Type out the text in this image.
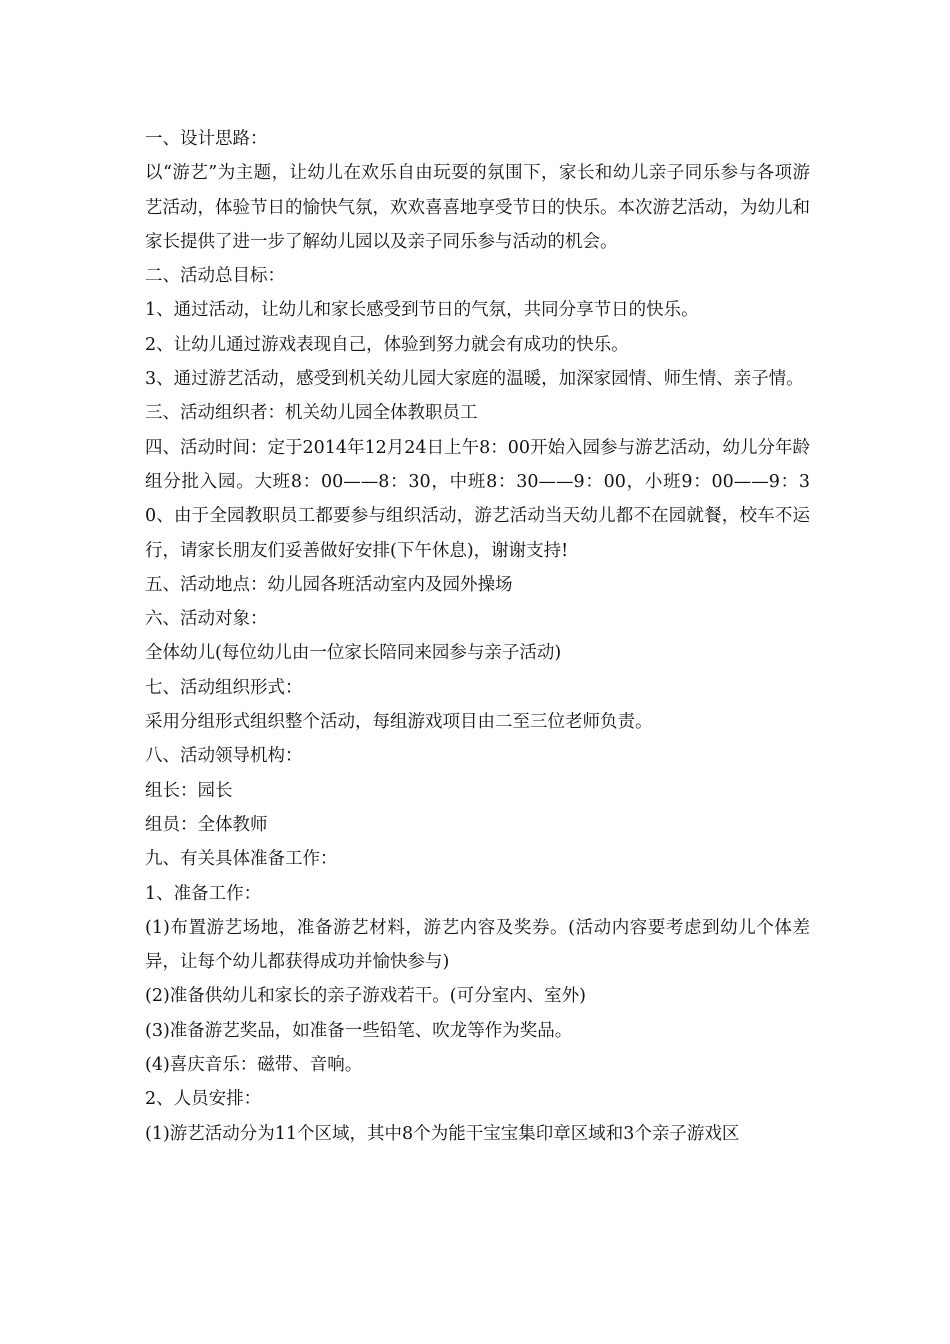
一、设计思路：

以“游艺”为主题，让幼儿在欢乐自由玩耍的氛围下，家长和幼儿亲子同乐参与各项游艺活动，体验节日的愉快气氛，欢欢喜喜地享受节日的快乐。本次游艺活动，为幼儿和家长提供了进一步了解幼儿园以及亲子同乐参与活动的机会。

二、活动总目标：

1、通过活动，让幼儿和家长感受到节日的气氛，共同分享节日的快乐。

2、让幼儿通过游戏表现自己，体验到努力就会有成功的快乐。

3、通过游艺活动，感受到机关幼儿园大家庭的温暖，加深家园情、师生情、亲子情。

三、活动组织者：机关幼儿园全体教职员工

四、活动时间：定于2014年12月24日上午8：00开始入园参与游艺活动，幼儿分年龄组分批入园。大班8：00——8：30，中班8：30——9：00，小班9：00——9：30、由于全园教职员工都要参与组织活动，游艺活动当天幼儿都不在园就餐，校车不运行，请家长朋友们妥善做好安排(下午休息)，谢谢支持!

五、活动地点：幼儿园各班活动室内及园外操场

六、活动对象：

全体幼儿(每位幼儿由一位家长陪同来园参与亲子活动)

七、活动组织形式：

采用分组形式组织整个活动，每组游戏项目由二至三位老师负责。

八、活动领导机构：

组长：园长

组员：全体教师

九、有关具体准备工作：

1、准备工作：

(1)布置游艺场地，准备游艺材料，游艺内容及奖券。(活动内容要考虑到幼儿个体差异，让每个幼儿都获得成功并愉快参与)

(2)准备供幼儿和家长的亲子游戏若干。(可分室内、室外)

(3)准备游艺奖品，如准备一些铅笔、吹龙等作为奖品。

(4)喜庆音乐：磁带、音响。

2、人员安排：

(1)游艺活动分为11个区域，其中8个为能干宝宝集印章区域和3个亲子游戏区
